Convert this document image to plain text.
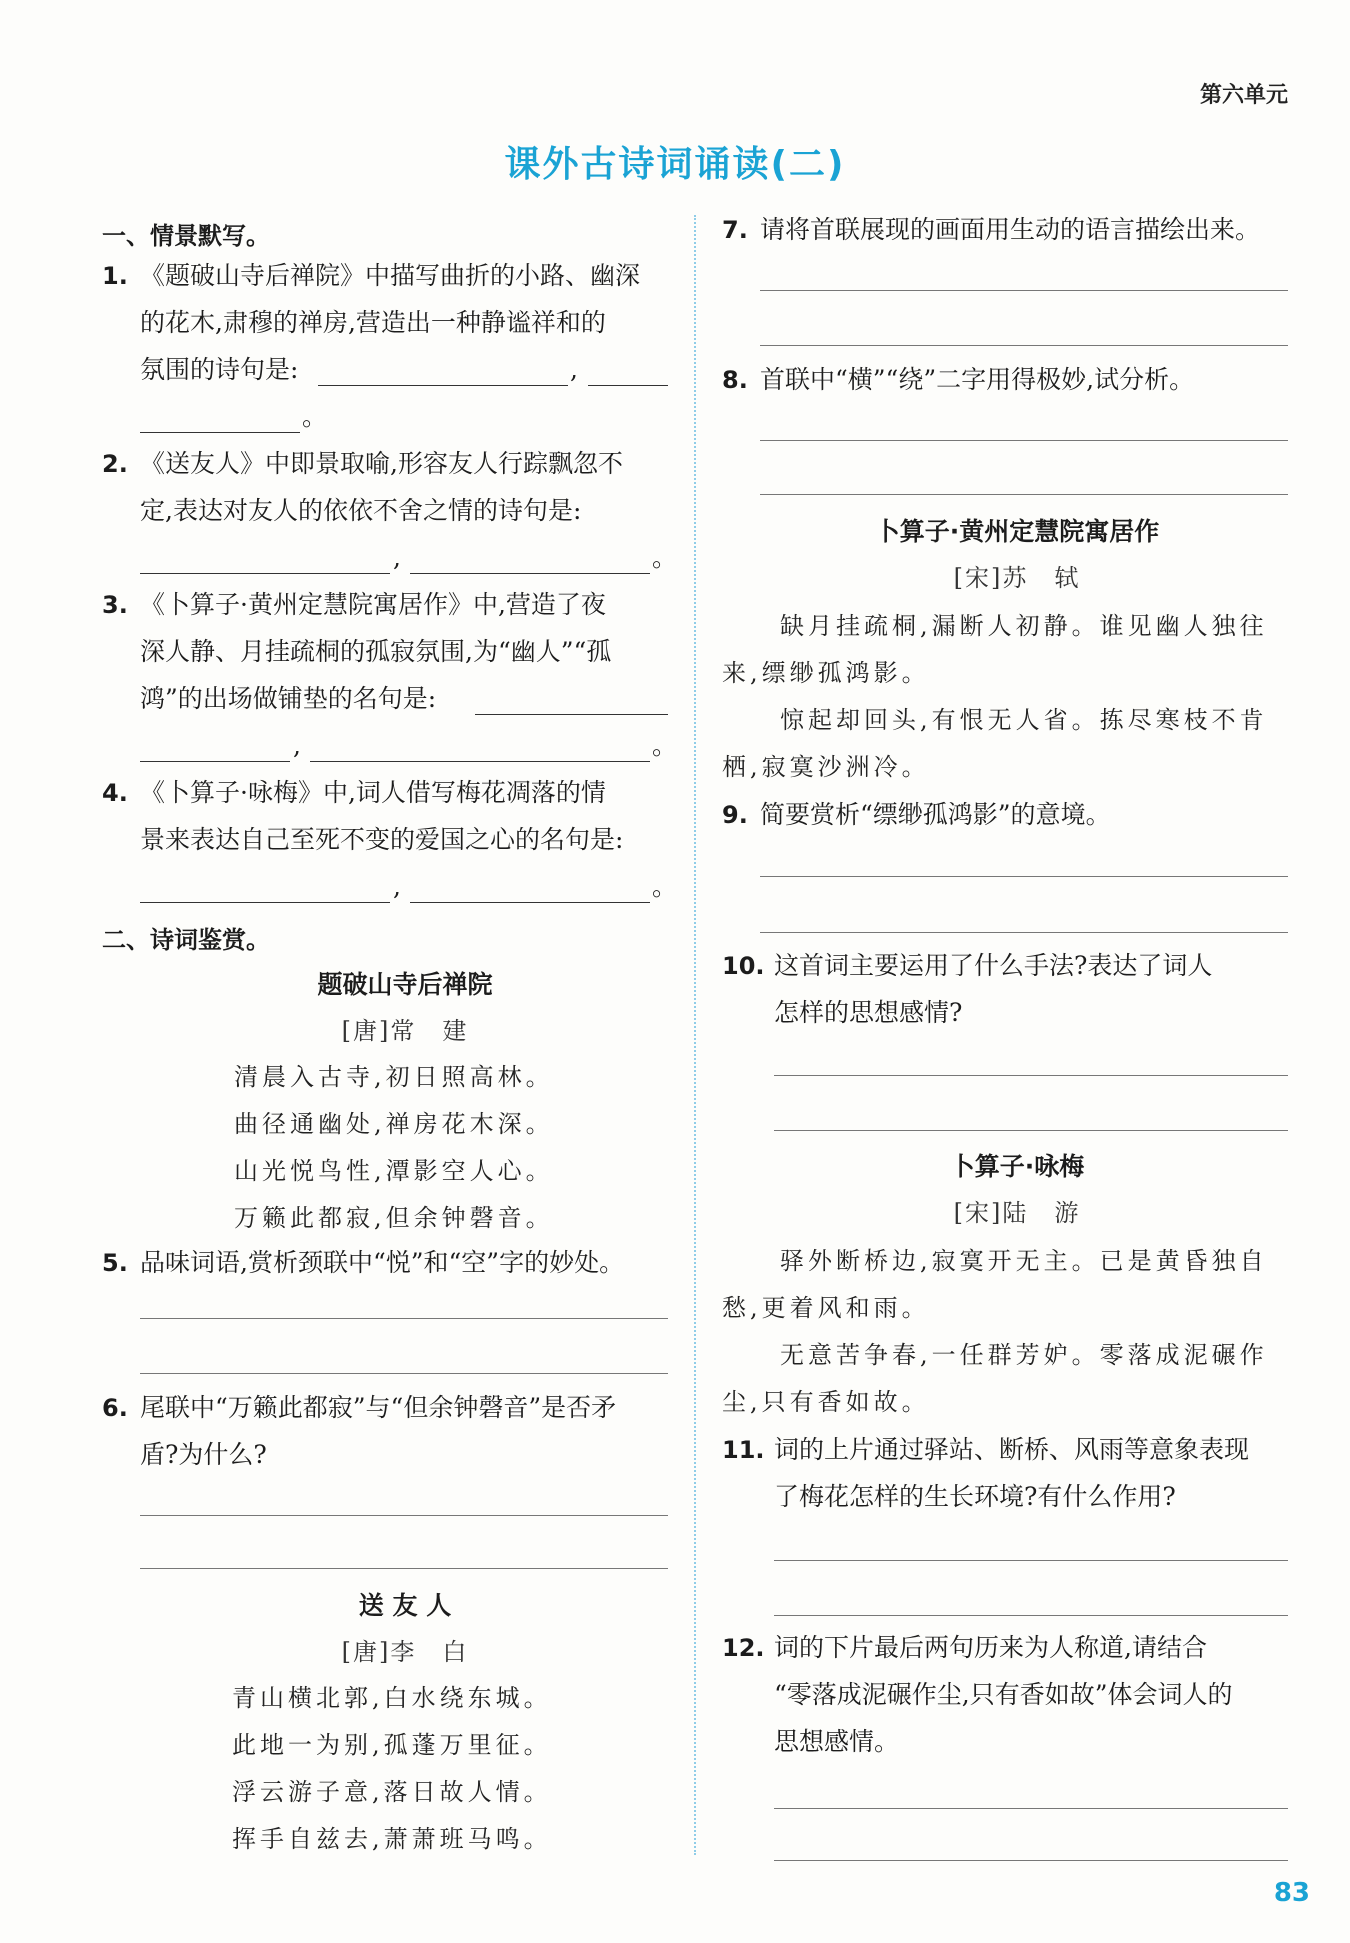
第六单元
课外古诗词诵读(二)
一、情景默写。
1. 《题破山寺后禅院》中描写曲折的小路、幽深
的花木,肃穆的禅房,营造出一种静谧祥和的
氛围的诗句是:	,
。
2. 《送友人》中即景取喻,形容友人行踪飘忽不
定,表达对友人的依依不舍之情的诗句是:
,	。
3. 《卜算子·黄州定慧院寓居作》中,营造了夜
深人静、月挂疏桐的孤寂氛围,为“幽人”“孤
鸿”的出场做铺垫的名句是:
,	。
4. 《卜算子·咏梅》中,词人借写梅花凋落的情
景来表达自己至死不变的爱国之心的名句是:
,	。
二、诗词鉴赏。
题破山寺后禅院
[唐]常　建
清晨入古寺,初日照高林。
曲径通幽处,禅房花木深。
山光悦鸟性,潭影空人心。
万籁此都寂,但余钟磬音。
5. 品味词语,赏析颈联中“悦”和“空”字的妙处。
6. 尾联中“万籁此都寂”与“但余钟磬音”是否矛
盾?为什么?
送 友 人
[唐]李　白
青山横北郭,白水绕东城。
此地一为别,孤蓬万里征。
浮云游子意,落日故人情。
挥手自兹去,萧萧班马鸣。
7. 请将首联展现的画面用生动的语言描绘出来。
8. 首联中“横”“绕”二字用得极妙,试分析。
卜算子·黄州定慧院寓居作
[宋]苏　轼
缺月挂疏桐,漏断人初静。谁见幽人独往
来,缥缈孤鸿影。
惊起却回头,有恨无人省。拣尽寒枝不肯
栖,寂寞沙洲冷。
9. 简要赏析“缥缈孤鸿影”的意境。
10. 这首词主要运用了什么手法?表达了词人
怎样的思想感情?
卜算子·咏梅
[宋]陆　游
驿外断桥边,寂寞开无主。已是黄昏独自
愁,更着风和雨。
无意苦争春,一任群芳妒。零落成泥碾作
尘,只有香如故。
11. 词的上片通过驿站、断桥、风雨等意象表现
了梅花怎样的生长环境?有什么作用?
12. 词的下片最后两句历来为人称道,请结合
“零落成泥碾作尘,只有香如故”体会词人的
思想感情。
83
